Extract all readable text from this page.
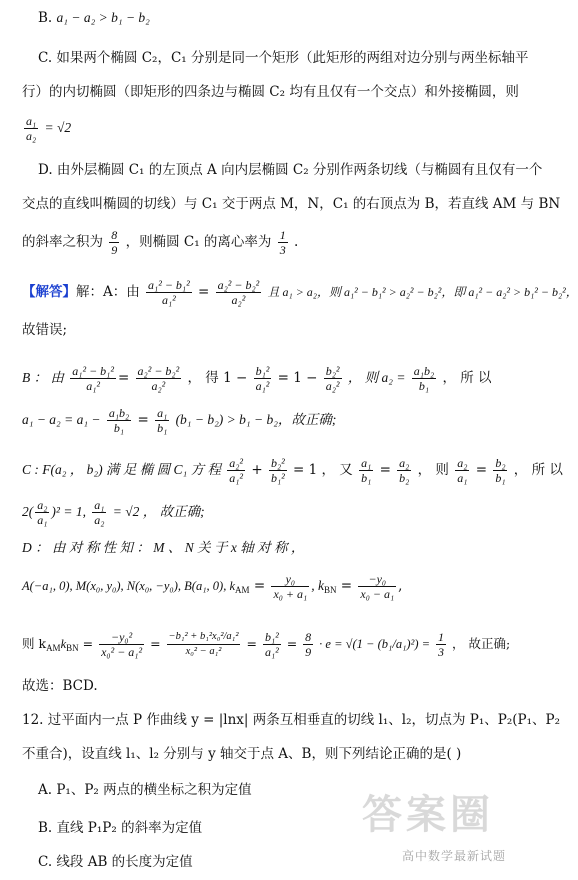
B. a₁ − a₂ > b₁ − b₂
C. 如果两个椭圆 C₂，C₁ 分别是同一个矩形（此矩形的两组对边分别与两坐标轴平
行）的内切椭圆（即矩形的四条边与椭圆 C₂ 均有且仅有一个交点）和外接椭圆，则
$\frac{\text{a₁}}{\text{a₂}} = √2$
D. 由外层椭圆 C₁ 的左顶点 A 向内层椭圆 C₂ 分别作两条切线（与椭圆有且仅有一个
交点的直线叫椭圆的切线）与 C₁ 交于两点 M，N，C₁ 的右顶点为 B，若直线 AM 与 BN
的斜率之积为 $\frac{8}{9}$ ，则椭圆 C₁ 的离心率为 $\frac{1}{3}$ .
【解答】解：A：由 $\frac{\text{a₁² − b₁²}}{\text{a₁²}} = \frac{\text{a₂² − b₂²}}{\text{a₂²}}$ 且 a₁ > a₂，则 a₁² − b₁² > a₂² − b₂²，即 a₁² − a₂² > b₁² − b₂²，
故错误;
B ： 由 $\frac{\text{a₁² − b₁²}}{\text{a₁²}} = \frac{\text{a₂² − b₂²}}{\text{a₂²}}$ ， 得 $1 - \frac{\text{b₁²}}{\text{a₁²}} = 1 - \frac{\text{b₂²}}{\text{a₂²}}$ ， 则 $a_2 = \frac{\text{a₁b₂}}{\text{b₁}}$ ， 所 以
$a_1 - a_2 = a_1 - \frac{\text{a₁b₂}}{\text{b₁}} = \frac{\text{a₁}}{\text{b₁}} (b_1 - b_2) > b_1 - b_2$，故正确;
C : F(a₂ ， b₂) 满 足 椭 圆 C₁ 方 程 $\frac{\text{a₂²}}{\text{a₁²}} + \frac{\text{b₂²}}{\text{b₁²}} = 1$ ， 又 $\frac{\text{a₁}}{\text{b₁}} = \frac{\text{a₂}}{\text{b₂}}$ ， 则 $\frac{\text{a₂}}{\text{a₁}} = \frac{\text{b₂}}{\text{b₁}}$ ， 所 以
$2( \frac{\text{a₂}}{\text{a₁}} )^2 = 1$, $\frac{\text{a₁}}{\text{a₂}} = √2$ ， 故正确;
D ： 由 对 称 性 知 ： M 、 N 关 于 x 轴 对 称 ，
A(−a₁, 0), M(x₀, y₀), N(x₀, −y₀), B(a₁, 0), $k_{AM} = \frac{\text{y₀}}{\text{x₀ + a₁}}$ , $k_{BN} = \frac{\text{−y₀}}{\text{x₀ − a₁}}$ ,
则 $k_{AM}k_{BN} = \frac{\text{−y₀²}}{\text{x₀² − a₁²}} = \frac{\text{−b₁² + b₁²x₀²/a₁²}}{\text{x₀² − a₁²}} = \frac{\text{b₁²}}{\text{a₁²}} = \frac{8}{9} \cdot e = √(1 - (b_1/a_1)^2) = \frac{1}{3}$ ， 故正确;
故选：BCD.
12. 过平面内一点 P 作曲线 y = |lnx| 两条互相垂直的切线 l₁、l₂，切点为 P₁、P₂(P₁、P₂
不重合)，设直线 l₁、l₂ 分别与 y 轴交于点 A、B，则下列结论正确的是( )
A. P₁、P₂ 两点的横坐标之积为定值
B. 直线 P₁P₂ 的斜率为定值
C. 线段 AB 的长度为定值
答案圈
高中数学最新试题
